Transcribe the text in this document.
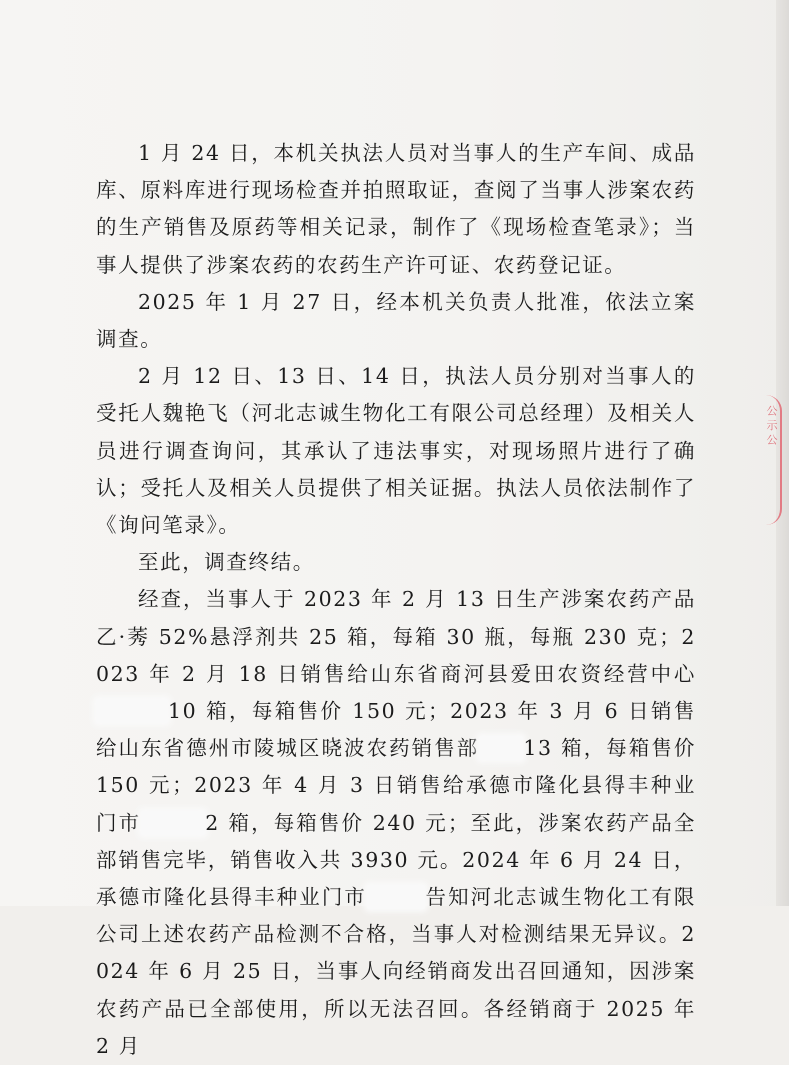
1 月 24 日，本机关执法人员对当事人的生产车间、成品库、原料库进行现场检查并拍照取证，查阅了当事人涉案农药的生产销售及原药等相关记录，制作了《现场检查笔录》；当事人提供了涉案农药的农药生产许可证、农药登记证。

2025 年 1 月 27 日，经本机关负责人批准，依法立案调查。

2 月 12 日、13 日、14 日，执法人员分别对当事人的受托人魏艳飞（河北志诚生物化工有限公司总经理）及相关人员进行调查询问，其承认了违法事实，对现场照片进行了确认；受托人及相关人员提供了相关证据。执法人员依法制作了《询问笔录》。

至此，调查终结。

经查，当事人于 2023 年 2 月 13 日生产涉案农药产品乙·莠 52%悬浮剂共 25 箱，每箱 30 瓶，每瓶 230 克；2023 年 2 月 18 日销售给山东省商河县爱田农资经营中心10 箱，每箱售价 150 元；2023 年 3 月 6 日销售给山东省德州市陵城区晓波农药销售部 13 箱，每箱售价 150 元；2023 年 4 月 3 日销售给承德市隆化县得丰种业门市	2 箱，每箱售价 240 元；至此，涉案农药产品全部销售完毕，销售收入共 3930 元。2024 年 6 月 24 日，承德市隆化县得丰种业门市	告知河北志诚生物化工有限公司上述农药产品检测不合格，当事人对检测结果无异议。2024 年 6 月 25 日，当事人向经销商发出召回通知，因涉案农药产品已全部使用，所以无法召回。各经销商于 2025 年 2 月

公 示 公
